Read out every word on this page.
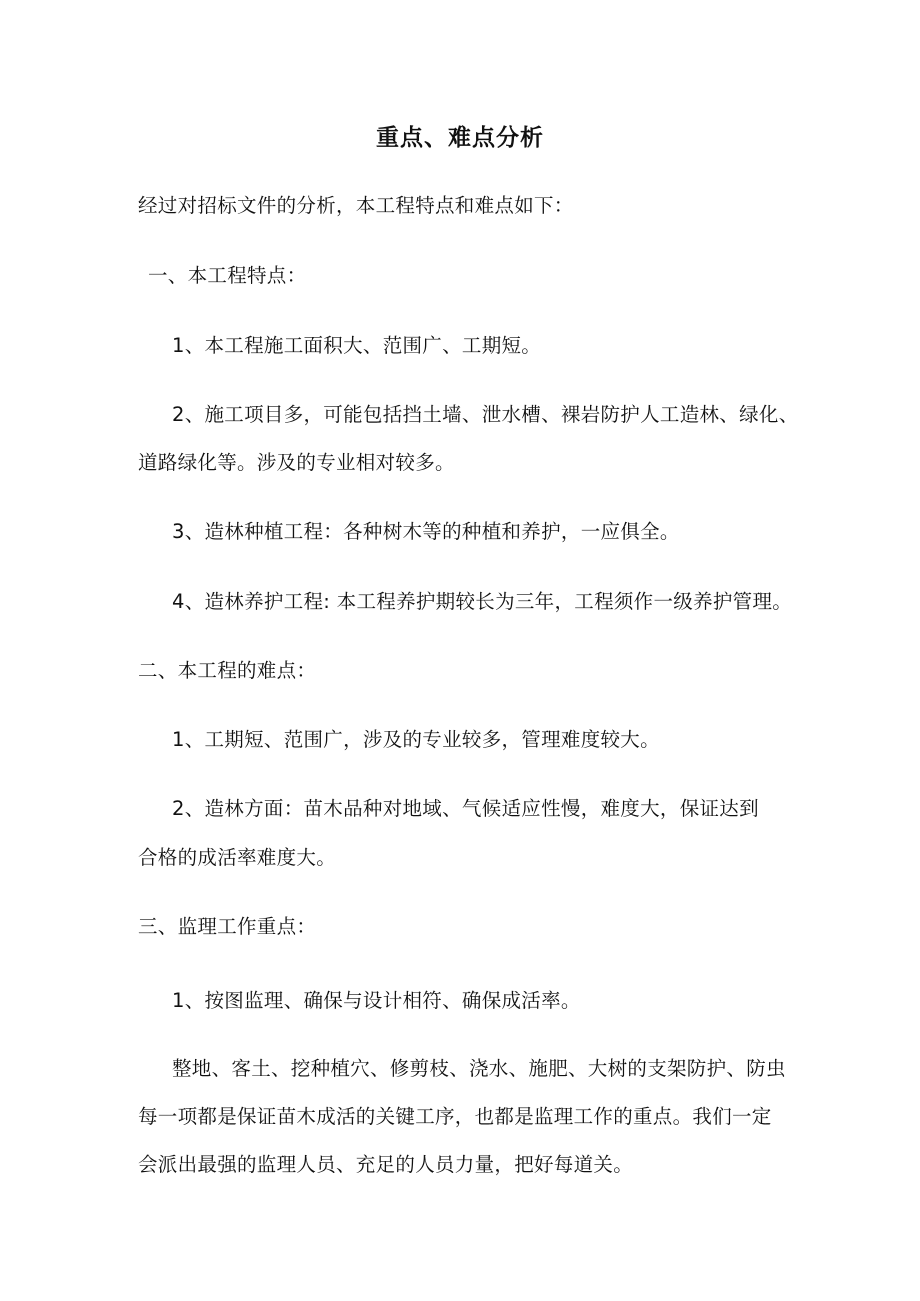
重点、难点分析
经过对招标文件的分析，本工程特点和难点如下：
一、本工程特点：
1、本工程施工面积大、范围广、工期短。
2、施工项目多，可能包括挡土墙、泄水槽、裸岩防护人工造林、绿化、
道路绿化等。涉及的专业相对较多。
3、造林种植工程：各种树木等的种植和养护，一应俱全。
4、造林养护工程: 本工程养护期较长为三年，工程须作一级养护管理。
二、本工程的难点：
1、工期短、范围广，涉及的专业较多，管理难度较大。
2、造林方面：苗木品种对地域、气候适应性慢，难度大，保证达到
合格的成活率难度大。
三、监理工作重点：
1、按图监理、确保与设计相符、确保成活率。
整地、客土、挖种植穴、修剪枝、浇水、施肥、大树的支架防护、防虫
每一项都是保证苗木成活的关键工序，也都是监理工作的重点。我们一定
会派出最强的监理人员、充足的人员力量，把好每道关。
